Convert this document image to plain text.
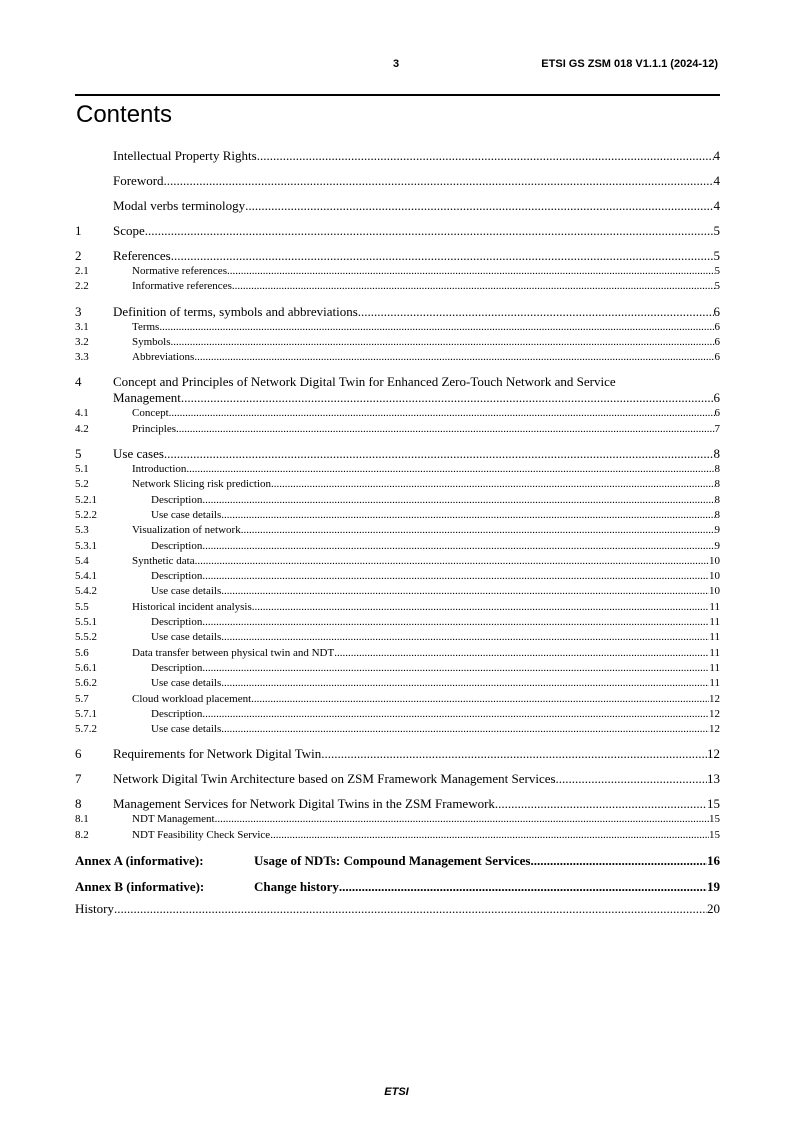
3	ETSI GS ZSM 018 V1.1.1 (2024-12)
Contents
Intellectual Property Rights .....	4
Foreword .....	4
Modal verbs terminology .....	4
1	Scope .....	5
2	References .....	5
2.1	Normative references .....	5
2.2	Informative references .....	5
3	Definition of terms, symbols and abbreviations .....	6
3.1	Terms .....	6
3.2	Symbols .....	6
3.3	Abbreviations .....	6
4 Concept and Principles of Network Digital Twin for Enhanced Zero-Touch Network and Service
Management .....	6
4.1	Concept .....	6
4.2	Principles .....	7
5	Use cases .....	8
5.1	Introduction .....	8
5.2	Network Slicing risk prediction .....	8
5.2.1	Description .....	8
5.2.2	Use case details .....	8
5.3	Visualization of network .....	9
5.3.1	Description .....	9
5.4	Synthetic data .....	10
5.4.1	Description .....	10
5.4.2	Use case details .....	10
5.5	Historical incident analysis .....	11
5.5.1	Description .....	11
5.5.2	Use case details .....	11
5.6	Data transfer between physical twin and NDT .....	11
5.6.1	Description .....	11
5.6.2	Use case details .....	11
5.7	Cloud workload placement .....	12
5.7.1	Description .....	12
5.7.2	Use case details .....	12
6	Requirements for Network Digital Twin .....	12
7	Network Digital Twin Architecture based on ZSM Framework Management Services .....	13
8	Management Services for Network Digital Twins in the ZSM Framework .....	15
8.1	NDT Management .....	15
8.2	NDT Feasibility Check Service .....	15
Annex A (informative):	Usage of NDTs: Compound Management Services .....	16
Annex B (informative):	Change history .....	19
History .....	20
ETSI
